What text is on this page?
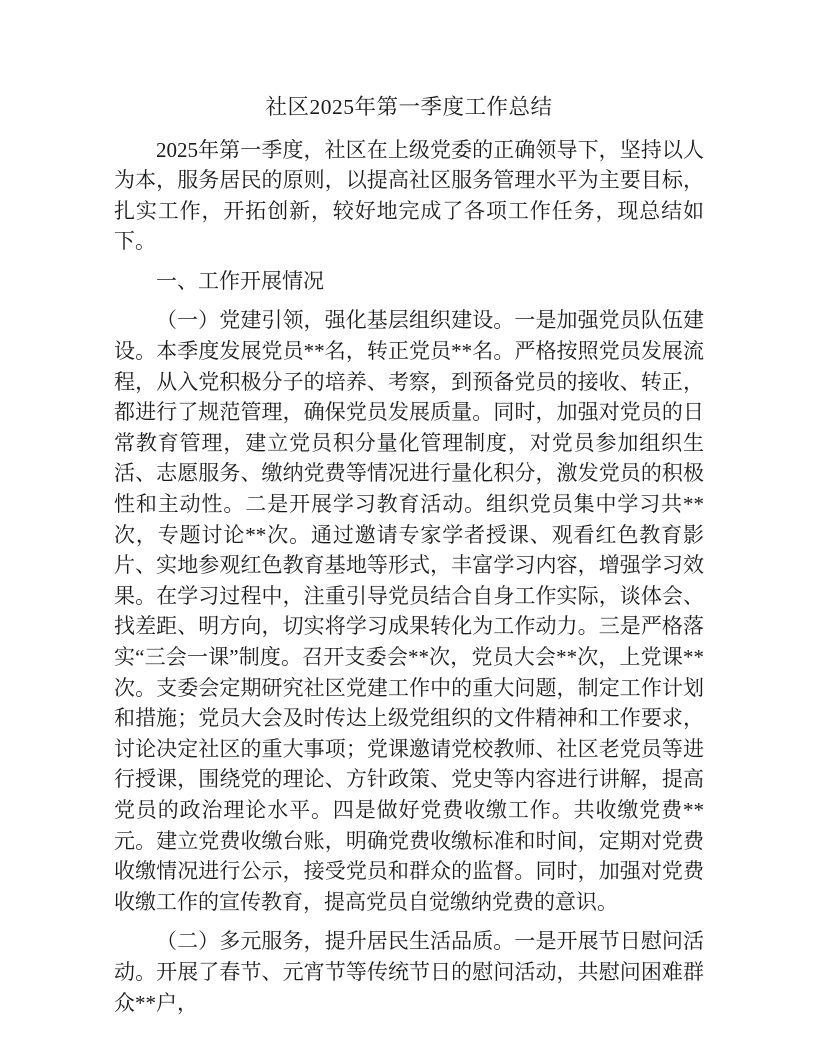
社区2025年第一季度工作总结

2025年第一季度，社区在上级党委的正确领导下，坚持以人为本，服务居民的原则，以提高社区服务管理水平为主要目标，扎实工作，开拓创新，较好地完成了各项工作任务，现总结如下。

一、工作开展情况

（一）党建引领，强化基层组织建设。一是加强党员队伍建设。本季度发展党员**名，转正党员**名。严格按照党员发展流程，从入党积极分子的培养、考察，到预备党员的接收、转正，都进行了规范管理，确保党员发展质量。同时，加强对党员的日常教育管理，建立党员积分量化管理制度，对党员参加组织生活、志愿服务、缴纳党费等情况进行量化积分，激发党员的积极性和主动性。二是开展学习教育活动。组织党员集中学习共**次，专题讨论**次。通过邀请专家学者授课、观看红色教育影片、实地参观红色教育基地等形式，丰富学习内容，增强学习效果。在学习过程中，注重引导党员结合自身工作实际，谈体会、找差距、明方向，切实将学习成果转化为工作动力。三是严格落实“三会一课”制度。召开支委会**次，党员大会**次，上党课**次。支委会定期研究社区党建工作中的重大问题，制定工作计划和措施；党员大会及时传达上级党组织的文件精神和工作要求，讨论决定社区的重大事项；党课邀请党校教师、社区老党员等进行授课，围绕党的理论、方针政策、党史等内容进行讲解，提高党员的政治理论水平。四是做好党费收缴工作。共收缴党费**元。建立党费收缴台账，明确党费收缴标准和时间，定期对党费收缴情况进行公示，接受党员和群众的监督。同时，加强对党费收缴工作的宣传教育，提高党员自觉缴纳党费的意识。

（二）多元服务，提升居民生活品质。一是开展节日慰问活动。开展了春节、元宵节等传统节日的慰问活动，共慰问困难群众**户，
